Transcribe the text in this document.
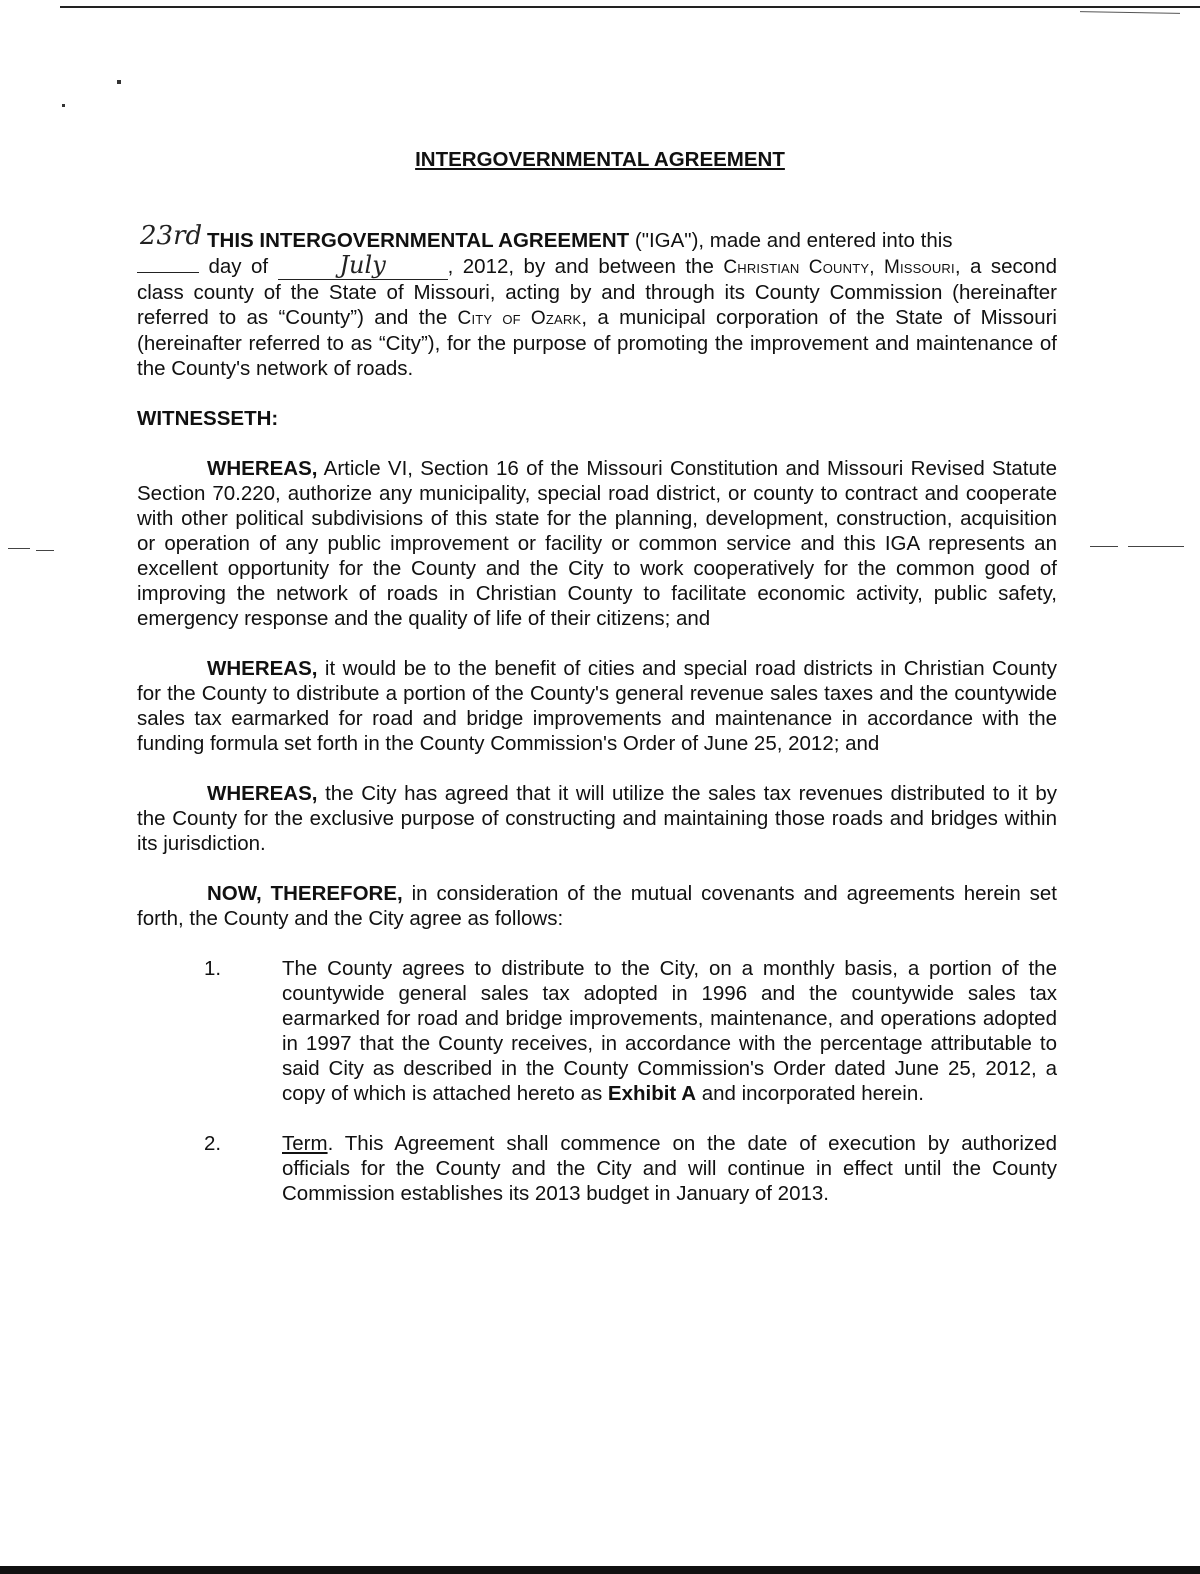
INTERGOVERNMENTAL AGREEMENT

23rd THIS INTERGOVERNMENTAL AGREEMENT ("IGA"), made and entered into this
day of	July	, 2012, by and between the Christian County, Missouri, a second class county of the State of Missouri, acting by and through its County Commission (hereinafter referred to as “County”) and the City of Ozark, a municipal corporation of the State of Missouri (hereinafter referred to as “City”), for the purpose of promoting the improvement and maintenance of the County's network of roads.

WITNESSETH:

WHEREAS, Article VI, Section 16 of the Missouri Constitution and Missouri Revised Statute Section 70.220, authorize any municipality, special road district, or county to contract and cooperate with other political subdivisions of this state for the planning, development, construction, acquisition or operation of any public improvement or facility or common service and this IGA represents an excellent opportunity for the County and the City to work cooperatively for the common good of improving the network of roads in Christian County to facilitate economic activity, public safety, emergency response and the quality of life of their citizens; and

WHEREAS, it would be to the benefit of cities and special road districts in Christian County for the County to distribute a portion of the County's general revenue sales taxes and the countywide sales tax earmarked for road and bridge improvements and maintenance in accordance with the funding formula set forth in the County Commission's Order of June 25, 2012; and

WHEREAS, the City has agreed that it will utilize the sales tax revenues distributed to it by the County for the exclusive purpose of constructing and maintaining those roads and bridges within its jurisdiction.

NOW, THEREFORE, in consideration of the mutual covenants and agreements herein set forth, the County and the City agree as follows:

1.	The County agrees to distribute to the City, on a monthly basis, a portion of the countywide general sales tax adopted in 1996 and the countywide sales tax earmarked for road and bridge improvements, maintenance, and operations adopted in 1997 that the County receives, in accordance with the percentage attributable to said City as described in the County Commission's Order dated June 25, 2012, a copy of which is attached hereto as Exhibit A and incorporated herein.

2.	Term. This Agreement shall commence on the date of execution by authorized officials for the County and the City and will continue in effect until the County Commission establishes its 2013 budget in January of 2013.
